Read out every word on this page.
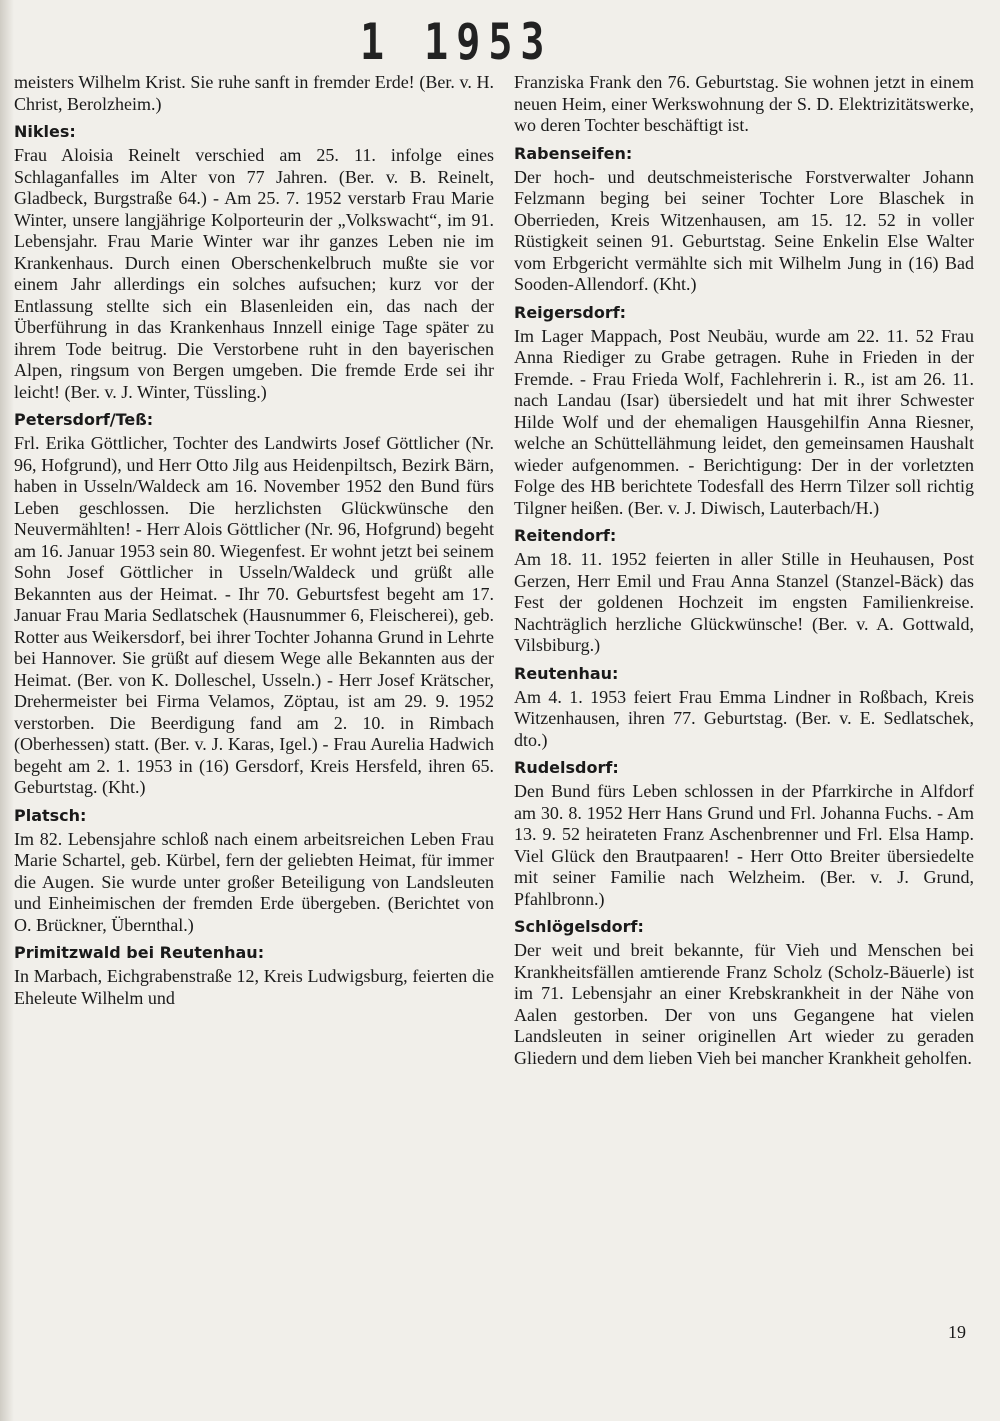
1 1953

meisters Wilhelm Krist. Sie ruhe sanft in fremder Erde! (Ber. v. H. Christ, Berolzheim.)

Nikles:

Frau Aloisia Reinelt verschied am 25. 11. infolge eines Schlaganfalles im Alter von 77 Jahren. (Ber. v. B. Reinelt, Gladbeck, Burgstraße 64.) - Am 25. 7. 1952 verstarb Frau Marie Winter, unsere langjährige Kolporteurin der „Volkswacht“, im 91. Lebensjahr. Frau Marie Winter war ihr ganzes Leben nie im Krankenhaus. Durch einen Oberschenkelbruch mußte sie vor einem Jahr allerdings ein solches aufsuchen; kurz vor der Entlassung stellte sich ein Blasenleiden ein, das nach der Überführung in das Krankenhaus Innzell einige Tage später zu ihrem Tode beitrug. Die Verstorbene ruht in den bayerischen Alpen, ringsum von Bergen umgeben. Die fremde Erde sei ihr leicht! (Ber. v. J. Winter, Tüssling.)

Petersdorf/Teß:

Frl. Erika Göttlicher, Tochter des Landwirts Josef Göttlicher (Nr. 96, Hofgrund), und Herr Otto Jilg aus Heidenpiltsch, Bezirk Bärn, haben in Usseln/Waldeck am 16. November 1952 den Bund fürs Leben geschlossen. Die herzlichsten Glückwünsche den Neuvermählten! - Herr Alois Göttlicher (Nr. 96, Hofgrund) begeht am 16. Januar 1953 sein 80. Wiegenfest. Er wohnt jetzt bei seinem Sohn Josef Göttlicher in Usseln/Waldeck und grüßt alle Bekannten aus der Heimat. - Ihr 70. Geburtsfest begeht am 17. Januar Frau Maria Sedlatschek (Hausnummer 6, Fleischerei), geb. Rotter aus Weikersdorf, bei ihrer Tochter Johanna Grund in Lehrte bei Hannover. Sie grüßt auf diesem Wege alle Bekannten aus der Heimat. (Ber. von K. Dolleschel, Usseln.) - Herr Josef Krätscher, Drehermeister bei Firma Velamos, Zöptau, ist am 29. 9. 1952 verstorben. Die Beerdigung fand am 2. 10. in Rimbach (Oberhessen) statt. (Ber. v. J. Karas, Igel.) - Frau Aurelia Hadwich begeht am 2. 1. 1953 in (16) Gersdorf, Kreis Hersfeld, ihren 65. Geburtstag. (Kht.)

Platsch:

Im 82. Lebensjahre schloß nach einem arbeitsreichen Leben Frau Marie Schartel, geb. Kürbel, fern der geliebten Heimat, für immer die Augen. Sie wurde unter großer Beteiligung von Landsleuten und Einheimischen der fremden Erde übergeben. (Berichtet von O. Brückner, Übernthal.)

Primitzwald bei Reutenhau:

In Marbach, Eichgrabenstraße 12, Kreis Ludwigsburg, feierten die Eheleute Wilhelm und

Franziska Frank den 76. Geburtstag. Sie wohnen jetzt in einem neuen Heim, einer Werkswohnung der S. D. Elektrizitätswerke, wo deren Tochter beschäftigt ist.

Rabenseifen:

Der hoch- und deutschmeisterische Forstverwalter Johann Felzmann beging bei seiner Tochter Lore Blaschek in Oberrieden, Kreis Witzenhausen, am 15. 12. 52 in voller Rüstigkeit seinen 91. Geburtstag. Seine Enkelin Else Walter vom Erbgericht vermählte sich mit Wilhelm Jung in (16) Bad Sooden-Allendorf. (Kht.)

Reigersdorf:

Im Lager Mappach, Post Neubäu, wurde am 22. 11. 52 Frau Anna Riediger zu Grabe getragen. Ruhe in Frieden in der Fremde. - Frau Frieda Wolf, Fachlehrerin i. R., ist am 26. 11. nach Landau (Isar) übersiedelt und hat mit ihrer Schwester Hilde Wolf und der ehemaligen Hausgehilfin Anna Riesner, welche an Schüttellähmung leidet, den gemeinsamen Haushalt wieder aufgenommen. - Berichtigung: Der in der vorletzten Folge des HB berichtete Todesfall des Herrn Tilzer soll richtig Tilgner heißen. (Ber. v. J. Diwisch, Lauterbach/H.)

Reitendorf:

Am 18. 11. 1952 feierten in aller Stille in Heuhausen, Post Gerzen, Herr Emil und Frau Anna Stanzel (Stanzel-Bäck) das Fest der goldenen Hochzeit im engsten Familienkreise. Nachträglich herzliche Glückwünsche! (Ber. v. A. Gottwald, Vilsbiburg.)

Reutenhau:

Am 4. 1. 1953 feiert Frau Emma Lindner in Roßbach, Kreis Witzenhausen, ihren 77. Geburtstag. (Ber. v. E. Sedlatschek, dto.)

Rudelsdorf:

Den Bund fürs Leben schlossen in der Pfarrkirche in Alfdorf am 30. 8. 1952 Herr Hans Grund und Frl. Johanna Fuchs. - Am 13. 9. 52 heirateten Franz Aschenbrenner und Frl. Elsa Hamp. Viel Glück den Brautpaaren! - Herr Otto Breiter übersiedelte mit seiner Familie nach Welzheim. (Ber. v. J. Grund, Pfahlbronn.)

Schlögelsdorf:

Der weit und breit bekannte, für Vieh und Menschen bei Krankheitsfällen amtierende Franz Scholz (Scholz-Bäuerle) ist im 71. Lebensjahr an einer Krebskrankheit in der Nähe von Aalen gestorben. Der von uns Gegangene hat vielen Landsleuten in seiner originellen Art wieder zu geraden Gliedern und dem lieben Vieh bei mancher Krankheit geholfen.

19
